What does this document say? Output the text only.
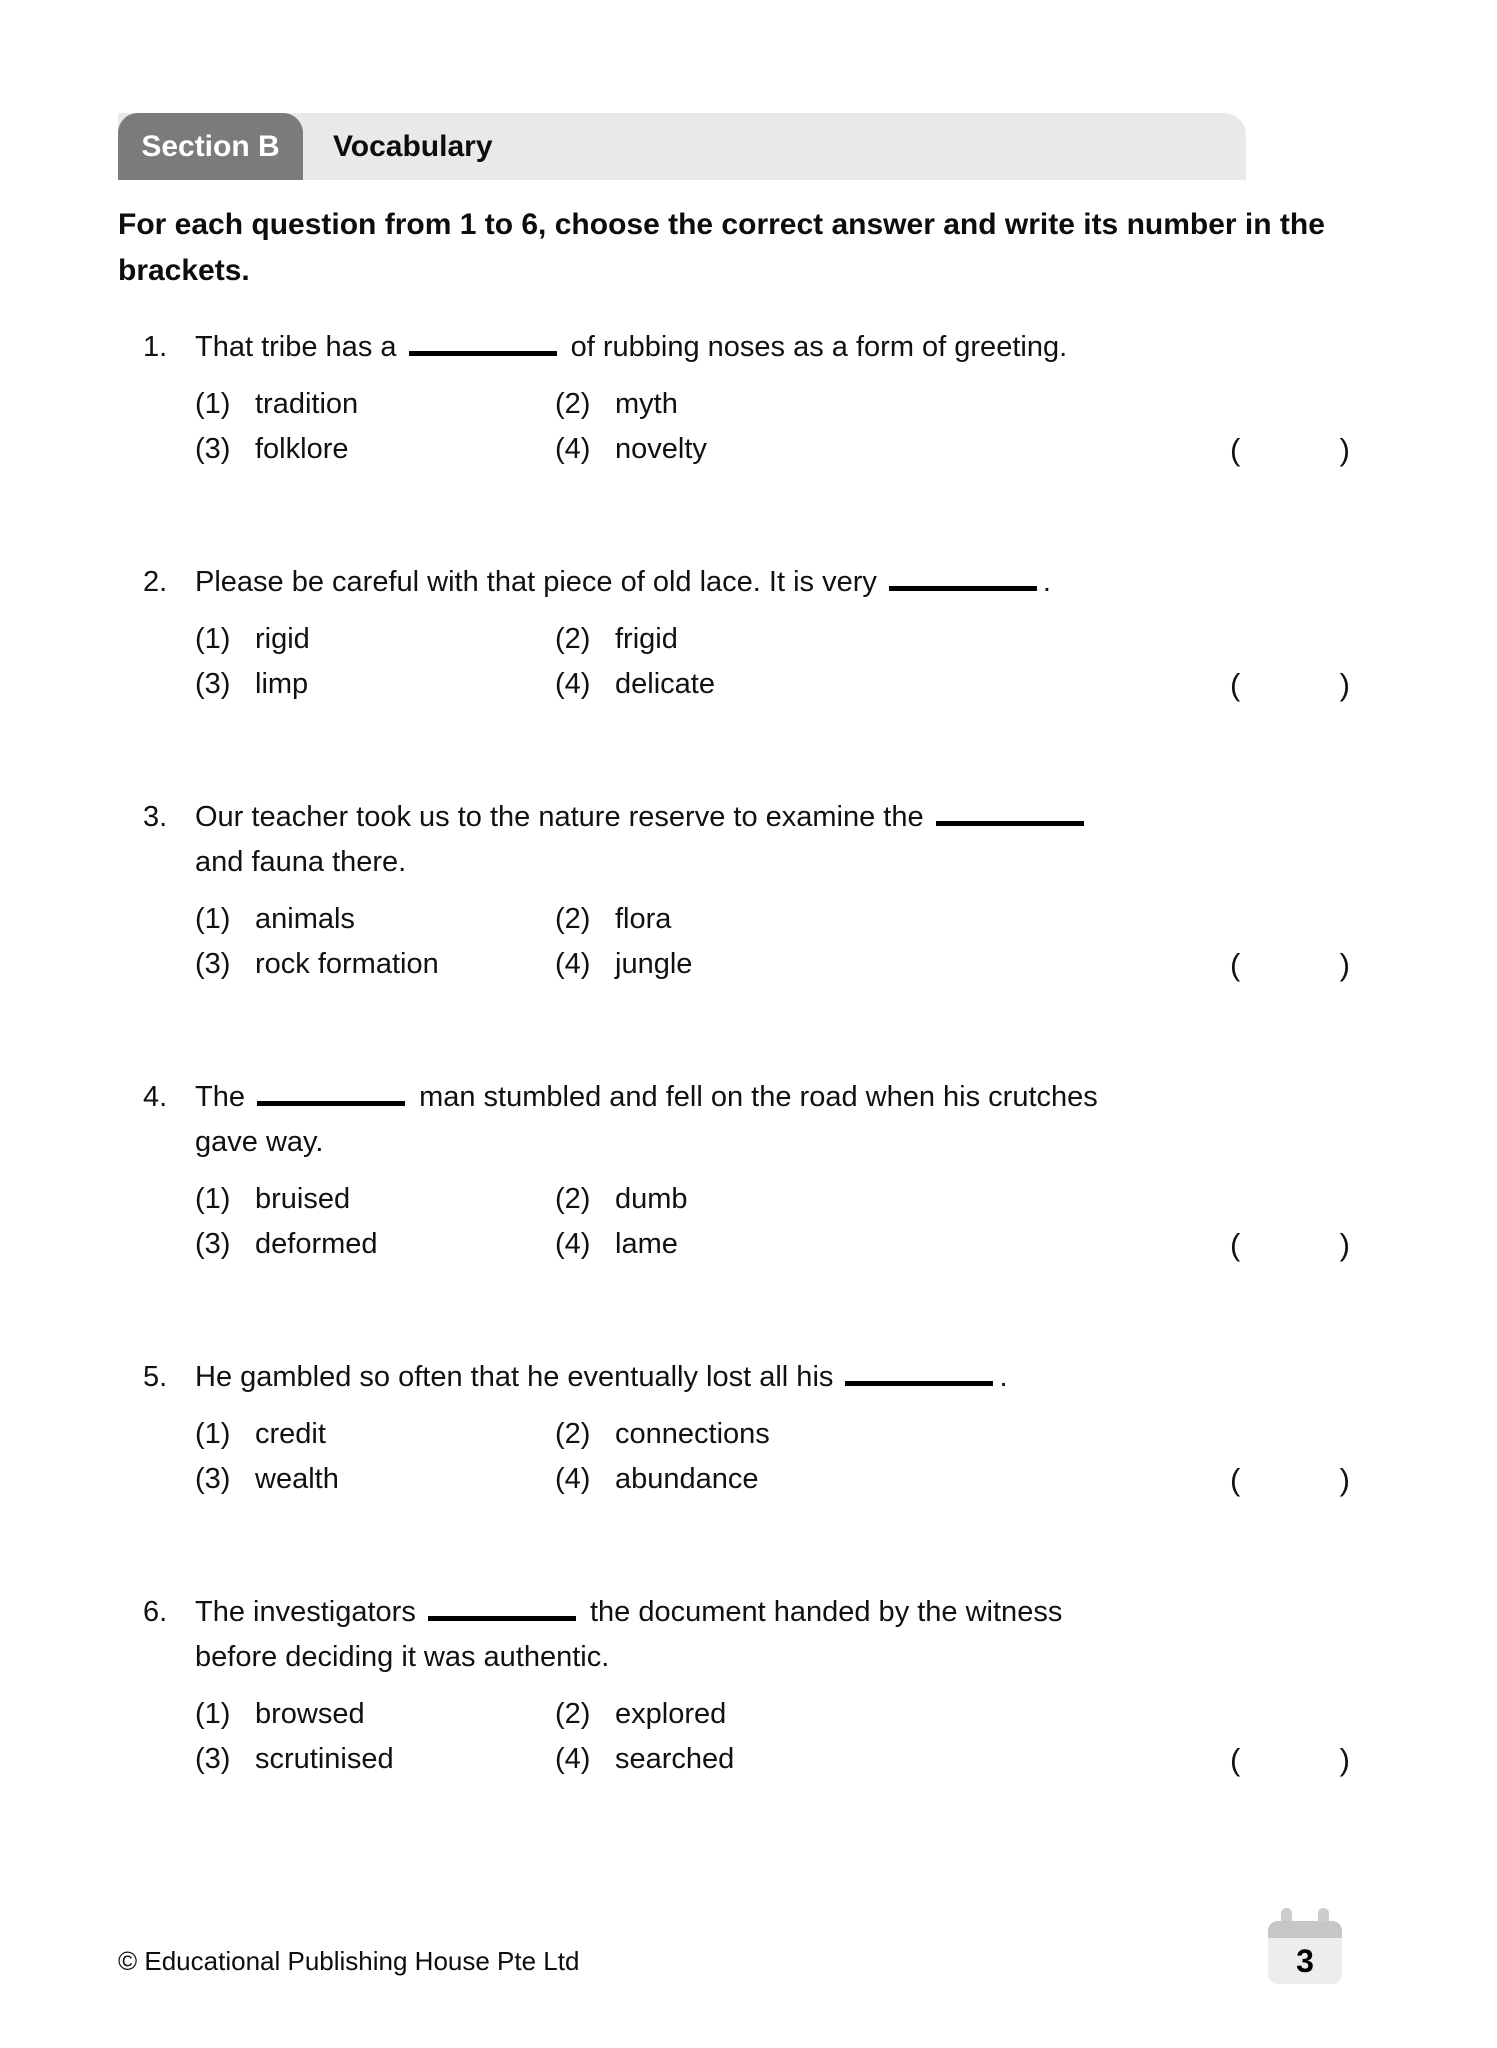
Section B Vocabulary
For each question from 1 to 6, choose the correct answer and write its number in the brackets.
1. That tribe has a	of rubbing noses as a form of greeting.
(1) tradition	(2) myth
(3) folklore	(4) novelty	(	)
2. Please be careful with that piece of old lace. It is very	.
(1) rigid	(2) frigid
(3) limp	(4) delicate	(	)
3. Our teacher took us to the nature reserve to examine the
and fauna there.
(1) animals	(2) flora
(3) rock formation	(4) jungle	(	)
4. The	man stumbled and fell on the road when his crutches
gave way.
(1) bruised	(2) dumb
(3) deformed	(4) lame	(	)
5. He gambled so often that he eventually lost all his	.
(1) credit	(2) connections
(3) wealth	(4) abundance	(	)
6. The investigators	the document handed by the witness
before deciding it was authentic.
(1) browsed	(2) explored
(3) scrutinised	(4) searched	(	)
© Educational Publishing House Pte Ltd	3
